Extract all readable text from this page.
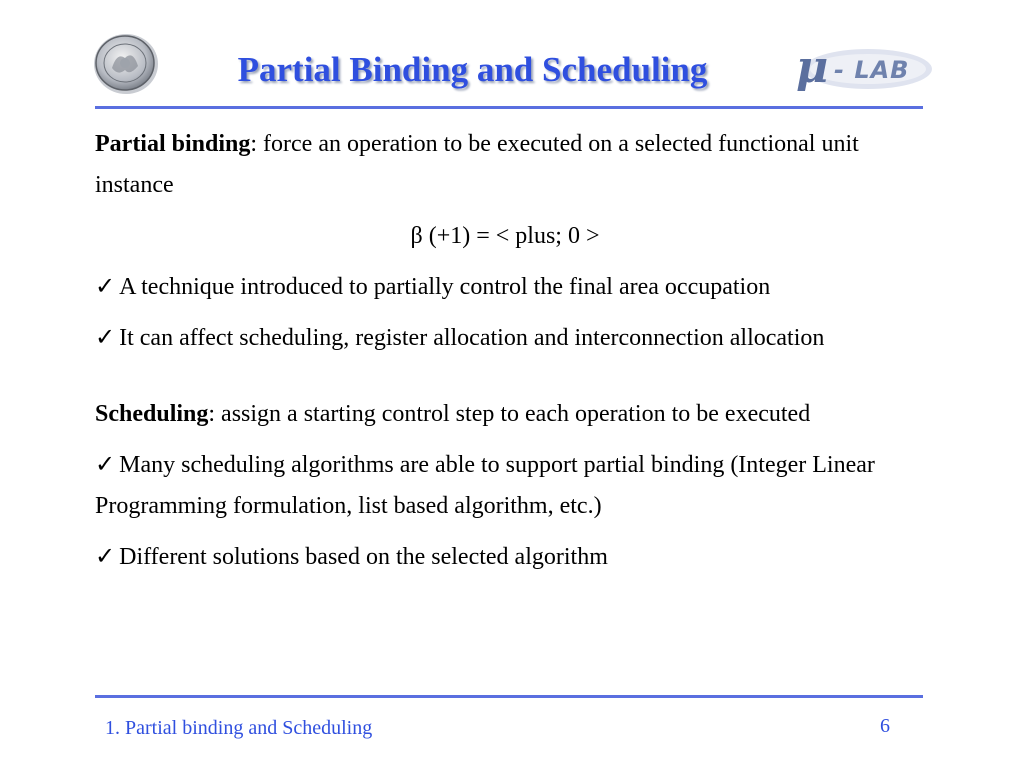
Partial Binding and Scheduling	μ - LAB

Partial binding: force an operation to be executed on a selected functional unit instance

β (+1) = < plus; 0 >

✓ A technique introduced to partially control the final area occupation

✓ It can affect scheduling, register allocation and interconnection allocation

Scheduling: assign a starting control step to each operation to be executed

✓ Many scheduling algorithms are able to support partial binding (Integer Linear Programming formulation, list based algorithm, etc.)

✓ Different solutions based on the selected algorithm

1. Partial binding and Scheduling	6
